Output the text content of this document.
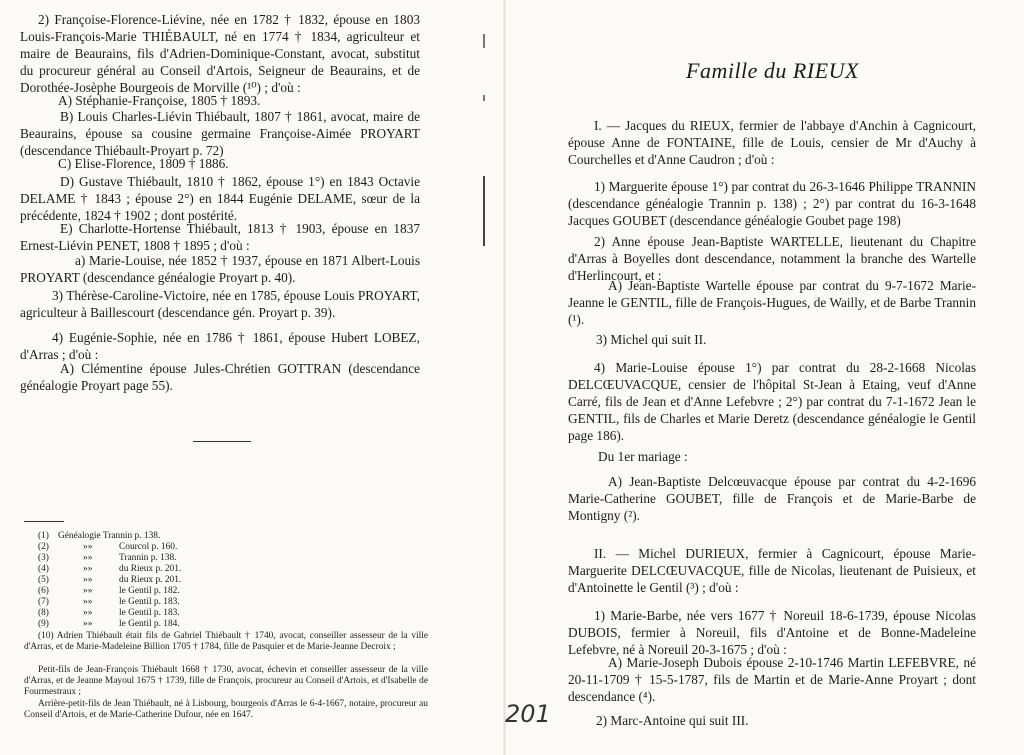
2) Françoise-Florence-Liévine, née en 1782 † 1832, épouse en 1803 Louis-François-Marie THIÉBAULT, né en 1774 † 1834, agriculteur et maire de Beaurains, fils d'Adrien-Dominique-Constant, avocat, substitut du procureur général au Conseil d'Artois, Seigneur de Beaurains, et de Dorothée-Josèphe Bourgeois de Morville (¹⁰) ; d'où :

A) Stéphanie-Françoise, 1805 † 1893.

B) Louis Charles-Liévin Thiébault, 1807 † 1861, avocat, maire de Beaurains, épouse sa cousine germaine Françoise-Aimée PROYART (descendance Thiébault-Proyart p. 72)

C) Elise-Florence, 1809 † 1886.

D) Gustave Thiébault, 1810 † 1862, épouse 1°) en 1843 Octavie DELAME † 1843 ; épouse 2°) en 1844 Eugénie DELAME, sœur de la précédente, 1824 † 1902 ; dont postérité.

E) Charlotte-Hortense Thiébault, 1813 † 1903, épouse en 1837 Ernest-Liévin PENET, 1808 † 1895 ; d'où :

a) Marie-Louise, née 1852 † 1937, épouse en 1871 Albert-Louis PROYART (descendance généalogie Proyart p. 40).

3) Thérèse-Caroline-Victoire, née en 1785, épouse Louis PROYART, agriculteur à Baillescourt (descendance gén. Proyart p. 39).

4) Eugénie-Sophie, née en 1786 † 1861, épouse Hubert LOBEZ, d'Arras ; d'où :

A) Clémentine épouse Jules-Chrétien GOTTRAN (descendance généalogie Proyart page 55).

(1) Généalogie Trannin p. 138.
(2)	»»	Courcol p. 160.
(3)	»»	Trannin p. 138.
(4)	»»	du Rieux p. 201.
(5)	»»	du Rieux p. 201.
(6)	»»	le Gentil p. 182.
(7)	»»	le Gentil p. 183.
(8)	»»	le Gentil p. 183.
(9)	»»	le Gentil p. 184.

(10) Adrien Thiébault était fils de Gabriel Thiébault † 1740, avocat, conseiller assesseur de la ville d'Arras, et de Marie-Madeleine Billion 1705 † 1784, fille de Pasquier et de Marie-Jeanne Decroix ;

Petit-fils de Jean-François Thiébault 1668 † 1730, avocat, échevin et conseiller assesseur de la ville d'Arras, et de Jeanne Mayoul 1675 † 1739, fille de François, procureur au Conseil d'Artois, et d'Isabelle de Fourmestraux ;

Arrière-petit-fils de Jean Thiébault, né à Lisbourg, bourgeois d'Arras le 6-4-1667, notaire, procureur au Conseil d'Artois, et de Marie-Catherine Dufour, née en 1647.

Famille du RIEUX

I. — Jacques du RIEUX, fermier de l'abbaye d'Anchin à Cagnicourt, épouse Anne de FONTAINE, fille de Louis, censier de Mr d'Auchy à Courchelles et d'Anne Caudron ; d'où :

1) Marguerite épouse 1°) par contrat du 26-3-1646 Philippe TRANNIN (descendance généalogie Trannin p. 138) ; 2°) par contrat du 16-3-1648 Jacques GOUBET (descendance généalogie Goubet page 198)

2) Anne épouse Jean-Baptiste WARTELLE, lieutenant du Chapitre d'Arras à Boyelles dont descendance, notamment la branche des Wartelle d'Herlincourt, et :

A) Jean-Baptiste Wartelle épouse par contrat du 9-7-1672 Marie-Jeanne le GENTIL, fille de François-Hugues, de Wailly, et de Barbe Trannin (¹).

3) Michel qui suit II.

4) Marie-Louise épouse 1°) par contrat du 28-2-1668 Nicolas DELCŒUVACQUE, censier de l'hôpital St-Jean à Etaing, veuf d'Anne Carré, fils de Jean et d'Anne Lefebvre ; 2°) par contrat du 7-1-1672 Jean le GENTIL, fils de Charles et Marie Deretz (descendance généalogie le Gentil page 186).

Du 1er mariage :

A) Jean-Baptiste Delcœuvacque épouse par contrat du 4-2-1696 Marie-Catherine GOUBET, fille de François et de Marie-Barbe de Montigny (²).

II. — Michel DURIEUX, fermier à Cagnicourt, épouse Marie-Marguerite DELCŒUVACQUE, fille de Nicolas, lieutenant de Puisieux, et d'Antoinette le Gentil (³) ; d'où :

1) Marie-Barbe, née vers 1677 † Noreuil 18-6-1739, épouse Nicolas DUBOIS, fermier à Noreuil, fils d'Antoine et de Bonne-Madeleine Lefebvre, né à Noreuil 20-3-1675 ; d'où :

A) Marie-Joseph Dubois épouse 2-10-1746 Martin LEFEBVRE, né 20-11-1709 † 15-5-1787, fils de Martin et de Marie-Anne Proyart ; dont descendance (⁴).

2) Marc-Antoine qui suit III.

201
